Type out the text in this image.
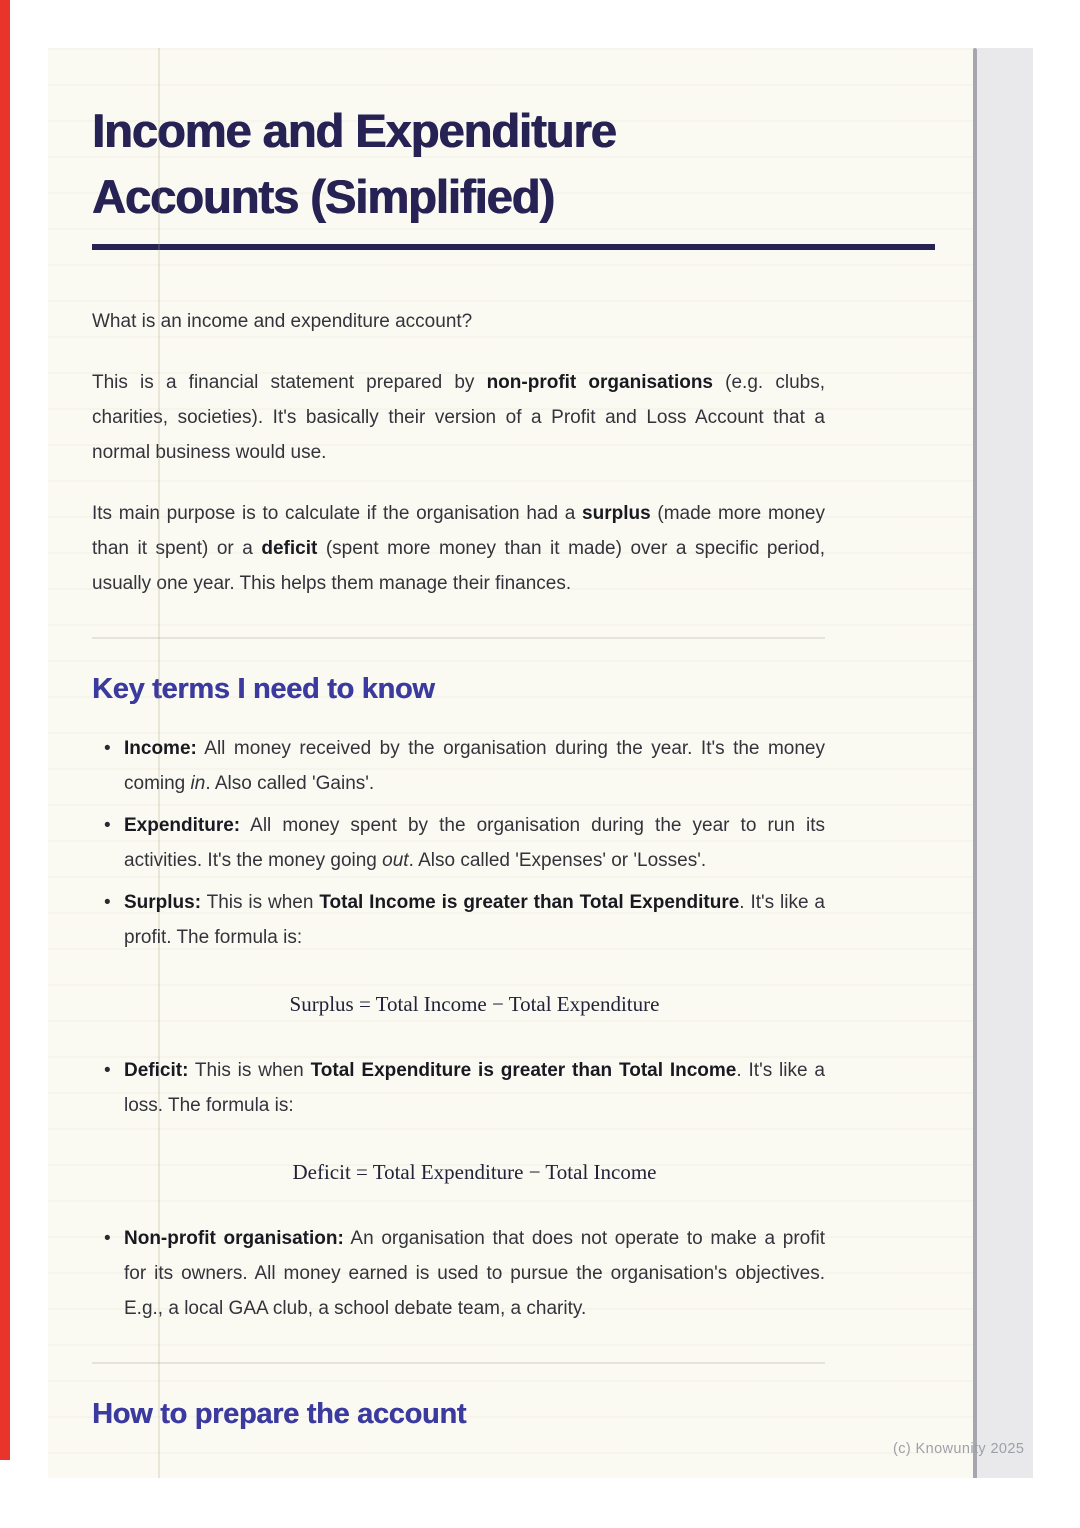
Income and Expenditure
Accounts (Simplified)

What is an income and expenditure account?

This is a financial statement prepared by non-profit organisations (e.g. clubs, charities, societies). It's basically their version of a Profit and Loss Account that a normal business would use.

Its main purpose is to calculate if the organisation had a surplus (made more money than it spent) or a deficit (spent more money than it made) over a specific period, usually one year. This helps them manage their finances.

Key terms I need to know
• Income: All money received by the organisation during the year. It's the money coming in. Also called 'Gains'.
• Expenditure: All money spent by the organisation during the year to run its activities. It's the money going out. Also called 'Expenses' or 'Losses'.
• Surplus: This is when Total Income is greater than Total Expenditure. It's like a profit. The formula is:
Surplus = Total Income − Total Expenditure
• Deficit: This is when Total Expenditure is greater than Total Income. It's like a loss. The formula is:
Deficit = Total Expenditure − Total Income
• Non-profit organisation: An organisation that does not operate to make a profit for its owners. All money earned is used to pursue the organisation's objectives. E.g., a local GAA club, a school debate team, a charity.
How to prepare the account
(c) Knowunity 2025
